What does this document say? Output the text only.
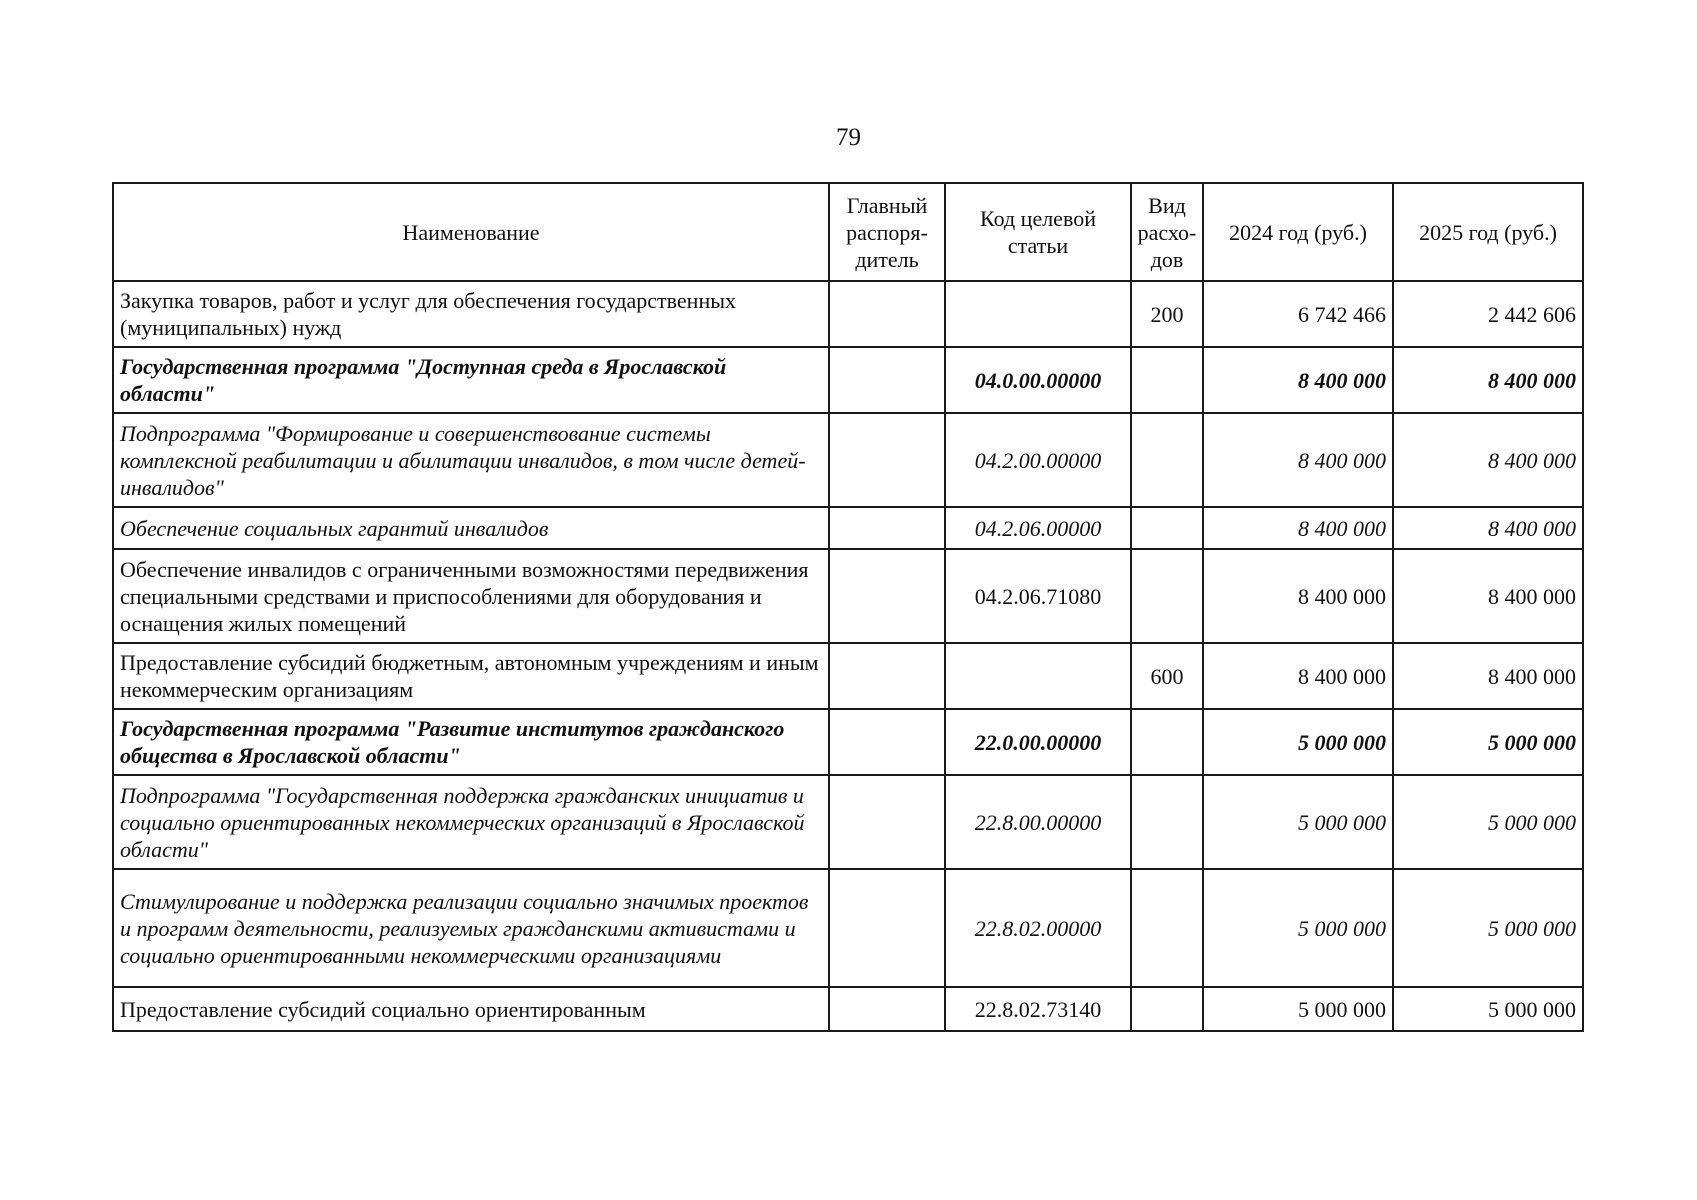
79
Наименование	Главный распоря-дитель	Код целевой статьи	Вид расхо-дов	2024 год (руб.)	2025 год (руб.)
Закупка товаров, работ и услуг для обеспечения государственных (муниципальных) нужд			200	6 742 466	2 442 606
Государственная программа "Доступная среда в Ярославской области"		04.0.00.00000		8 400 000	8 400 000
Подпрограмма "Формирование и совершенствование системы комплексной реабилитации и абилитации инвалидов, в том числе детей-инвалидов"		04.2.00.00000		8 400 000	8 400 000
Обеспечение социальных гарантий инвалидов		04.2.06.00000		8 400 000	8 400 000
Обеспечение инвалидов с ограниченными возможностями передвижения специальными средствами и приспособлениями для оборудования и оснащения жилых помещений		04.2.06.71080		8 400 000	8 400 000
Предоставление субсидий бюджетным, автономным учреждениям и иным некоммерческим организациям			600	8 400 000	8 400 000
Государственная программа "Развитие институтов гражданского общества в Ярославской области"		22.0.00.00000		5 000 000	5 000 000
Подпрограмма "Государственная поддержка гражданских инициатив и социально ориентированных некоммерческих организаций в Ярославской области"		22.8.00.00000		5 000 000	5 000 000
Стимулирование и поддержка реализации социально значимых проектов и программ деятельности, реализуемых гражданскими активистами и социально ориентированными некоммерческими организациями		22.8.02.00000		5 000 000	5 000 000
Предоставление субсидий социально ориентированным		22.8.02.73140		5 000 000	5 000 000
